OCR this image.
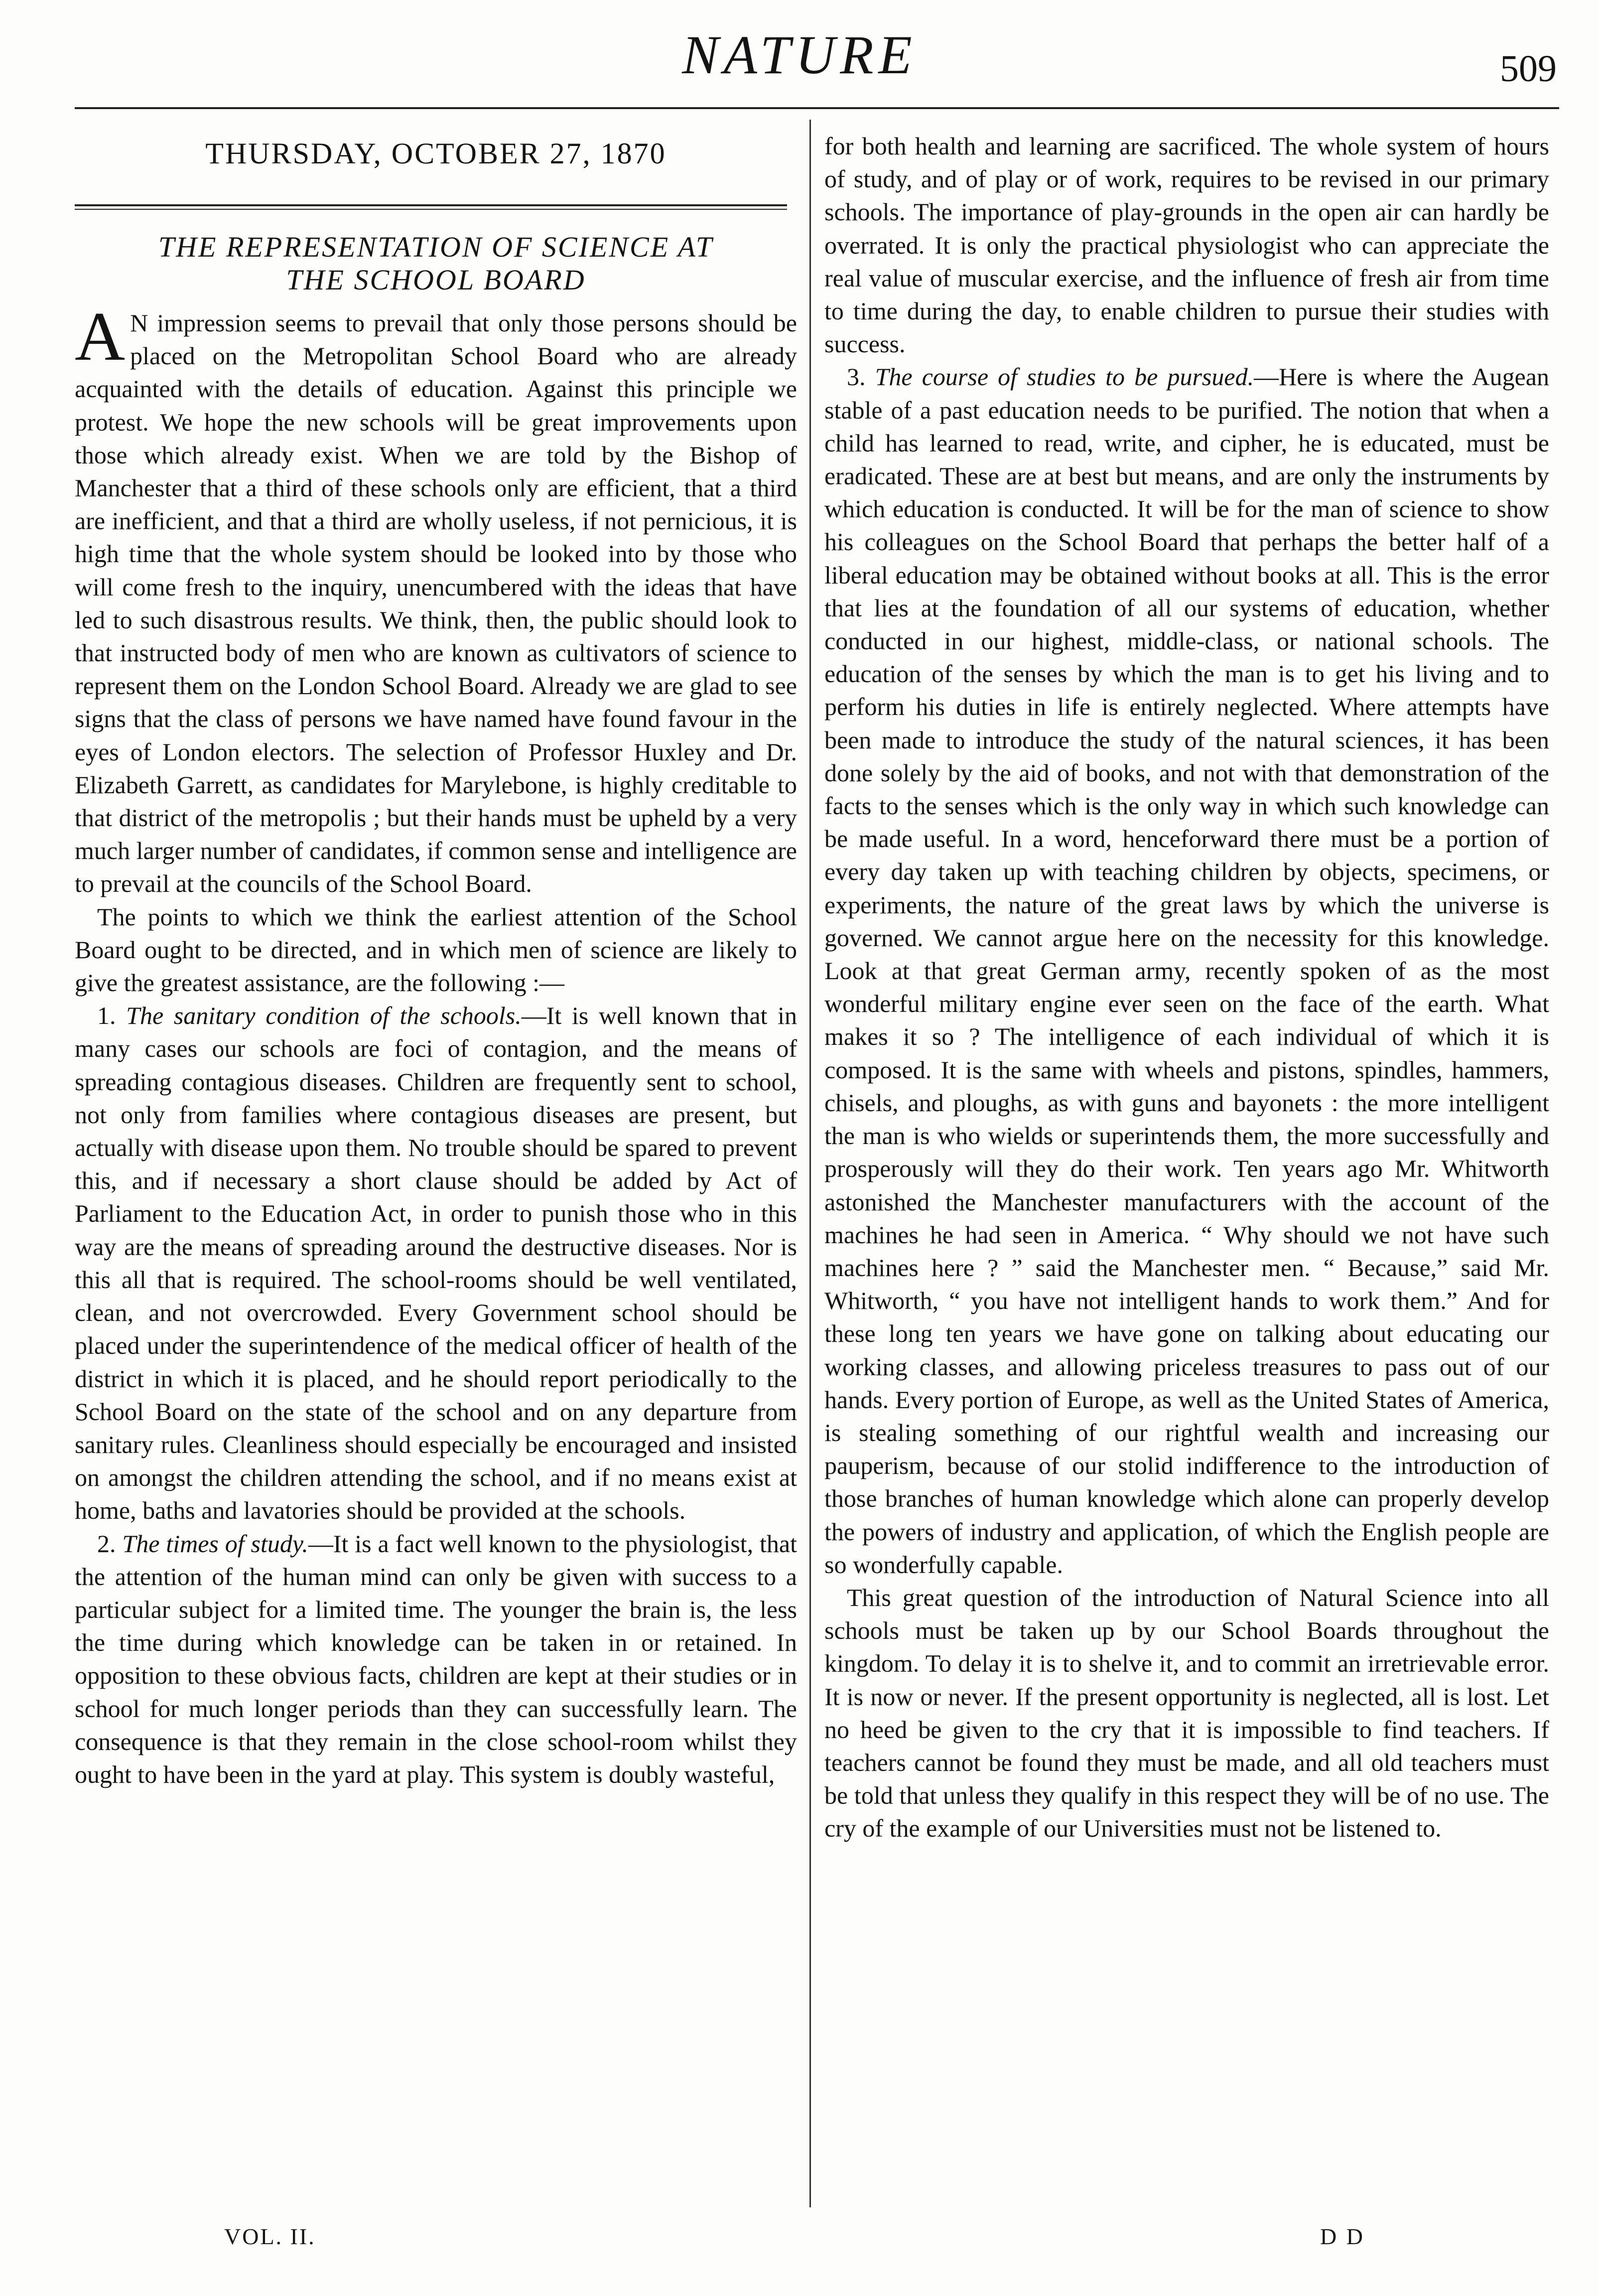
NATURE	509
THURSDAY, OCTOBER 27, 1870
THE REPRESENTATION OF SCIENCE AT
THE SCHOOL BOARD

A N impression seems to prevail that only those persons should be placed on the Metropolitan School Board who are already acquainted with the details of education. Against this principle we protest. We hope the new schools will be great improvements upon those which already exist. When we are told by the Bishop of Manchester that a third of these schools only are efficient, that a third are inefficient, and that a third are wholly useless, if not pernicious, it is high time that the whole system should be looked into by those who will come fresh to the inquiry, unencumbered with the ideas that have led to such disastrous results. We think, then, the public should look to that instructed body of men who are known as cultivators of science to represent them on the London School Board. Already we are glad to see signs that the class of persons we have named have found favour in the eyes of London electors. The selection of Professor Huxley and Dr. Elizabeth Garrett, as candidates for Marylebone, is highly creditable to that district of the metropolis ; but their hands must be upheld by a very much larger number of candidates, if common sense and intelligence are to prevail at the councils of the School Board.

The points to which we think the earliest attention of the School Board ought to be directed, and in which men of science are likely to give the greatest assistance, are the following :—

1. The sanitary condition of the schools.—It is well known that in many cases our schools are foci of contagion, and the means of spreading contagious diseases. Children are frequently sent to school, not only from families where contagious diseases are present, but actually with disease upon them. No trouble should be spared to prevent this, and if necessary a short clause should be added by Act of Parliament to the Education Act, in order to punish those who in this way are the means of spreading around the destructive diseases. Nor is this all that is required. The school-rooms should be well ventilated, clean, and not overcrowded. Every Government school should be placed under the superintendence of the medical officer of health of the district in which it is placed, and he should report periodically to the School Board on the state of the school and on any departure from sanitary rules. Cleanliness should especially be encouraged and insisted on amongst the children attending the school, and if no means exist at home, baths and lavatories should be provided at the schools.

2. The times of study.—It is a fact well known to the physiologist, that the attention of the human mind can only be given with success to a particular subject for a limited time. The younger the brain is, the less the time during which knowledge can be taken in or retained. In opposition to these obvious facts, children are kept at their studies or in school for much longer periods than they can successfully learn. The consequence is that they remain in the close school-room whilst they ought to have been in the yard at play. This system is doubly wasteful,

for both health and learning are sacrificed. The whole system of hours of study, and of play or of work, requires to be revised in our primary schools. The importance of play-grounds in the open air can hardly be overrated. It is only the practical physiologist who can appreciate the real value of muscular exercise, and the influence of fresh air from time to time during the day, to enable children to pursue their studies with success.

3. The course of studies to be pursued.—Here is where the Augean stable of a past education needs to be purified. The notion that when a child has learned to read, write, and cipher, he is educated, must be eradicated. These are at best but means, and are only the instruments by which education is conducted. It will be for the man of science to show his colleagues on the School Board that perhaps the better half of a liberal education may be obtained without books at all. This is the error that lies at the foundation of all our systems of education, whether conducted in our highest, middle-class, or national schools. The education of the senses by which the man is to get his living and to perform his duties in life is entirely neglected. Where attempts have been made to introduce the study of the natural sciences, it has been done solely by the aid of books, and not with that demonstration of the facts to the senses which is the only way in which such knowledge can be made useful. In a word, henceforward there must be a portion of every day taken up with teaching children by objects, specimens, or experiments, the nature of the great laws by which the universe is governed. We cannot argue here on the necessity for this knowledge. Look at that great German army, recently spoken of as the most wonderful military engine ever seen on the face of the earth. What makes it so ? The intelligence of each individual of which it is composed. It is the same with wheels and pistons, spindles, hammers, chisels, and ploughs, as with guns and bayonets : the more intelligent the man is who wields or superintends them, the more successfully and prosperously will they do their work. Ten years ago Mr. Whitworth astonished the Manchester manufacturers with the account of the machines he had seen in America. “ Why should we not have such machines here ? ” said the Manchester men. “ Because,” said Mr. Whitworth, “ you have not intelligent hands to work them.” And for these long ten years we have gone on talking about educating our working classes, and allowing priceless treasures to pass out of our hands. Every portion of Europe, as well as the United States of America, is stealing something of our rightful wealth and increasing our pauperism, because of our stolid indifference to the introduction of those branches of human knowledge which alone can properly develop the powers of industry and application, of which the English people are so wonderfully capable.

This great question of the introduction of Natural Science into all schools must be taken up by our School Boards throughout the kingdom. To delay it is to shelve it, and to commit an irretrievable error. It is now or never. If the present opportunity is neglected, all is lost. Let no heed be given to the cry that it is impossible to find teachers. If teachers cannot be found they must be made, and all old teachers must be told that unless they qualify in this respect they will be of no use. The cry of the example of our Universities must not be listened to.

VOL. II.	D D
